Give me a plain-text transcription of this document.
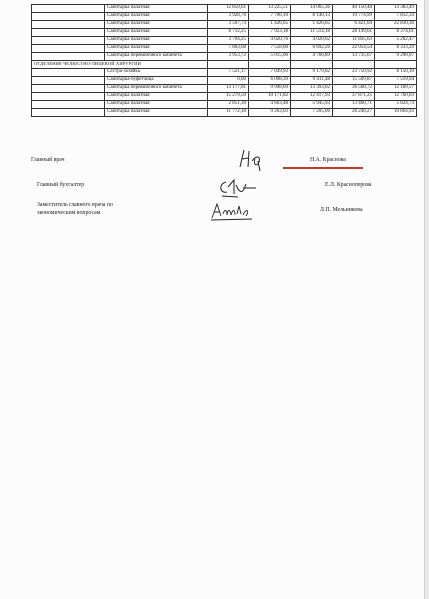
	Санитарка палатная	12 859,61	13 225,51	14 065,36	40 150,48	13 383,49
	Санитарка палатная	3 928,76	7 706,10	8 140,13	19 774,99	7 812,34
	Санитарка палатная	3 567,74	1 426,65	1 426,65	6 421,04	22 830,36
	Санитарка палатная	8 712,25	7 923,18	11 514,18	28 149,61	8 374,61
	Санитарка палатная	3 794,25	4 020,76	4 020,62	11 835,63	5 262,47
	Санитарка палатная	7 803,68	7 558,60	6 692,26	22 054,54	8 333,29
	Санитарка перевязочного кабинета	3 953,72	5 015,06	4 766,89	13 735,67	9 290,67
ОТДЕЛЕНИЕ ЧЕЛЮСТНО-ЛИЦЕВОЙ ХИРУРГИИ						
	Сестра-хозяйка	7 521,17	7 049,93	9 179,82	23 750,92	8 150,10
	Санитарка-буфетчица	0,00	6 098,39	9 411,48	15 509,87	7 519,94
	Санитарка перевязочного кабинета	13 177,01	9 998,69	13 393,02	36 568,72	12 189,57
	Санитарка палатная	15 279,50	10 171,82	12 417,93	37 871,25	12 760,03
	Санитарка палатная	2 851,30	4 663,48	5 945,93	13 460,71	5 824,74
	Санитарка палатная	11 772,18	9 263,03	7 205,06	28 240,27	10 864,93
Главный врач	Н.А. Краснова
Главный бухгалтер	Е.Л. Красноперова
Заместитель главного врача по
экономическим вопросам	Л.П. Мельникова
